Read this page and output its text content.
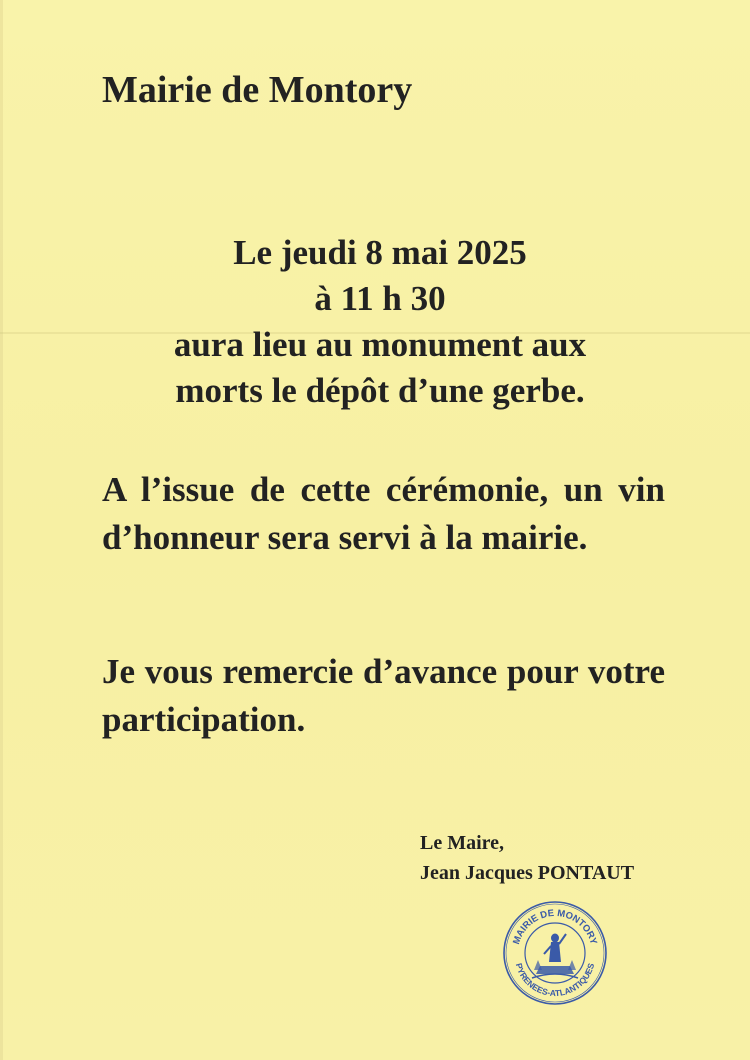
Mairie de Montory
Le jeudi 8 mai 2025
à 11 h 30
aura lieu au monument aux
morts le dépôt d’une gerbe.

A l’issue de cette cérémonie, un vin d’honneur sera servi à la mairie.

Je vous remercie d’avance pour votre participation.

Le Maire,
Jean Jacques PONTAUT
MAIRIE DE MONTORY
PYRENEES-ATLANTIQUES
